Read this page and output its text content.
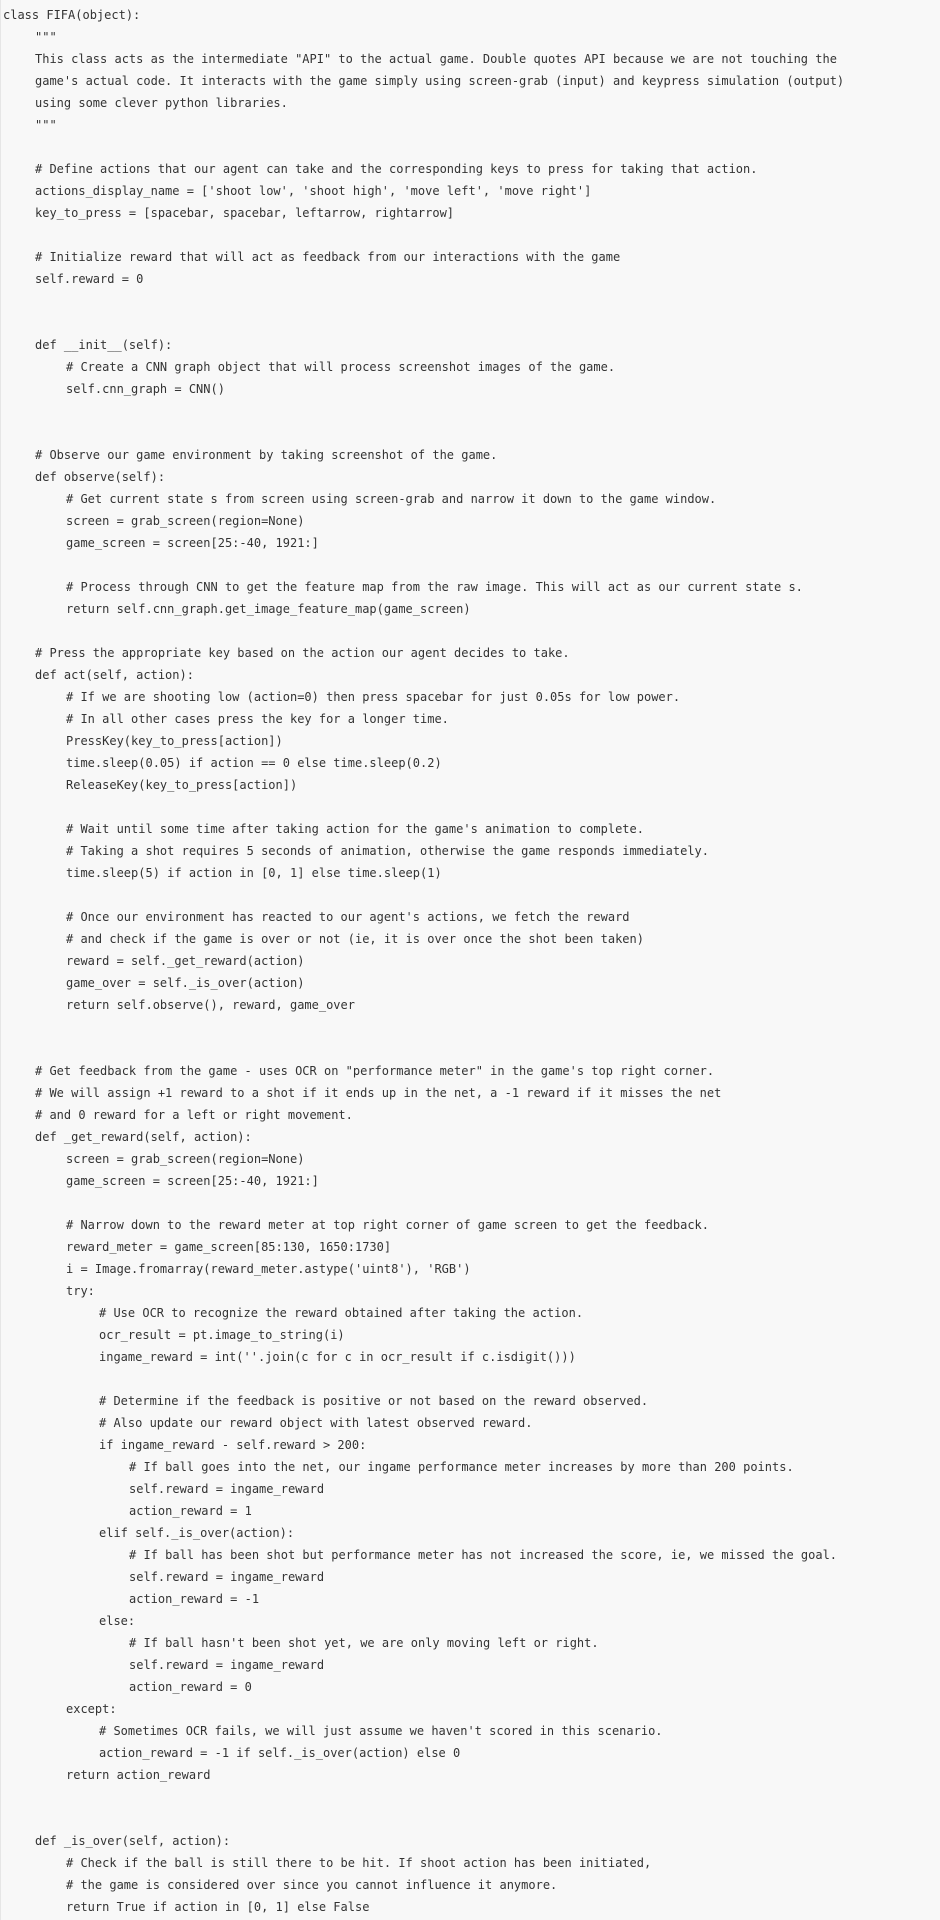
class FIFA(object):
"""
This class acts as the intermediate "API" to the actual game. Double quotes API because we are not touching the
game's actual code. It interacts with the game simply using screen-grab (input) and keypress simulation (output)
using some clever python libraries.
"""
# Define actions that our agent can take and the corresponding keys to press for taking that action.
actions_display_name = ['shoot low', 'shoot high', 'move left', 'move right']
key_to_press = [spacebar, spacebar, leftarrow, rightarrow]
# Initialize reward that will act as feedback from our interactions with the game
self.reward = 0
def __init__(self):
# Create a CNN graph object that will process screenshot images of the game.
self.cnn_graph = CNN()
# Observe our game environment by taking screenshot of the game.
def observe(self):
# Get current state s from screen using screen-grab and narrow it down to the game window.
screen = grab_screen(region=None)
game_screen = screen[25:-40, 1921:]
# Process through CNN to get the feature map from the raw image. This will act as our current state s.
return self.cnn_graph.get_image_feature_map(game_screen)
# Press the appropriate key based on the action our agent decides to take.
def act(self, action):
# If we are shooting low (action=0) then press spacebar for just 0.05s for low power.
# In all other cases press the key for a longer time.
PressKey(key_to_press[action])
time.sleep(0.05) if action == 0 else time.sleep(0.2)
ReleaseKey(key_to_press[action])
# Wait until some time after taking action for the game's animation to complete.
# Taking a shot requires 5 seconds of animation, otherwise the game responds immediately.
time.sleep(5) if action in [0, 1] else time.sleep(1)
# Once our environment has reacted to our agent's actions, we fetch the reward
# and check if the game is over or not (ie, it is over once the shot been taken)
reward = self._get_reward(action)
game_over = self._is_over(action)
return self.observe(), reward, game_over
# Get feedback from the game - uses OCR on "performance meter" in the game's top right corner.
# We will assign +1 reward to a shot if it ends up in the net, a -1 reward if it misses the net
# and 0 reward for a left or right movement.
def _get_reward(self, action):
screen = grab_screen(region=None)
game_screen = screen[25:-40, 1921:]
# Narrow down to the reward meter at top right corner of game screen to get the feedback.
reward_meter = game_screen[85:130, 1650:1730]
i = Image.fromarray(reward_meter.astype('uint8'), 'RGB')
try:
# Use OCR to recognize the reward obtained after taking the action.
ocr_result = pt.image_to_string(i)
ingame_reward = int(''.join(c for c in ocr_result if c.isdigit()))
# Determine if the feedback is positive or not based on the reward observed.
# Also update our reward object with latest observed reward.
if ingame_reward - self.reward > 200:
# If ball goes into the net, our ingame performance meter increases by more than 200 points.
self.reward = ingame_reward
action_reward = 1
elif self._is_over(action):
# If ball has been shot but performance meter has not increased the score, ie, we missed the goal.
self.reward = ingame_reward
action_reward = -1
else:
# If ball hasn't been shot yet, we are only moving left or right.
self.reward = ingame_reward
action_reward = 0
except:
# Sometimes OCR fails, we will just assume we haven't scored in this scenario.
action_reward = -1 if self._is_over(action) else 0
return action_reward
def _is_over(self, action):
# Check if the ball is still there to be hit. If shoot action has been initiated,
# the game is considered over since you cannot influence it anymore.
return True if action in [0, 1] else False
